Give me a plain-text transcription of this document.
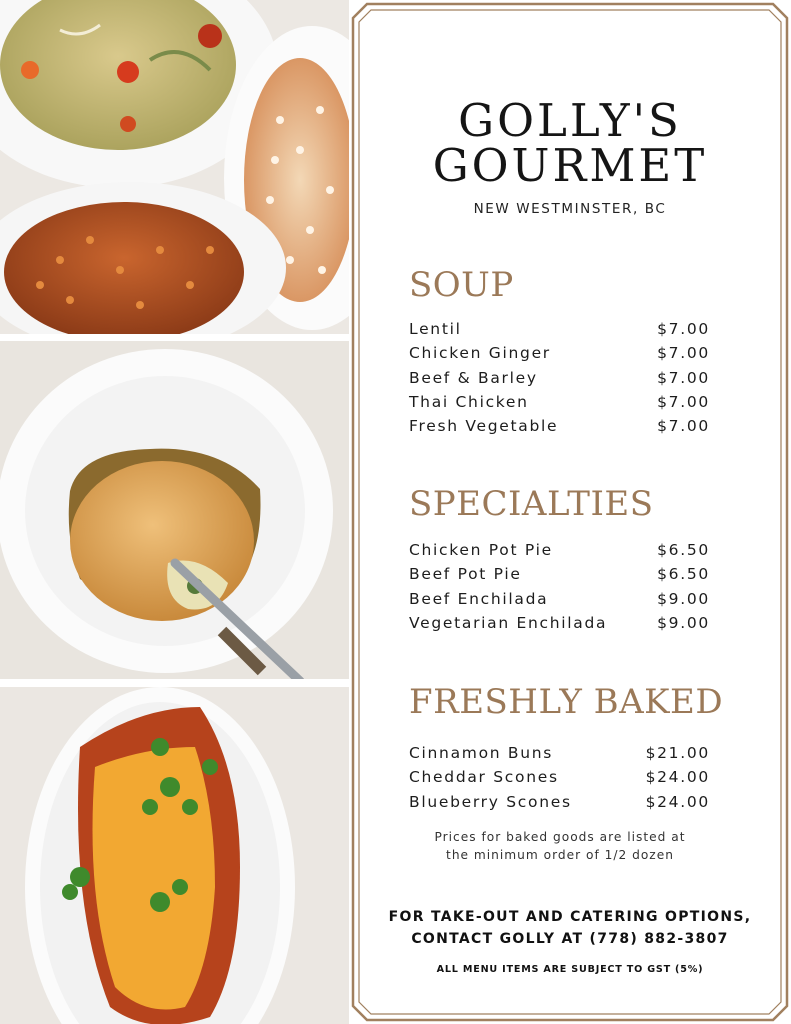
GOLLY'S
GOURMET
NEW WESTMINSTER, BC
SOUP
Lentil	$7.00
Chicken Ginger	$7.00
Beef & Barley	$7.00
Thai Chicken	$7.00
Fresh Vegetable	$7.00
SPECIALTIES
Chicken Pot Pie	$6.50
Beef Pot Pie	$6.50
Beef Enchilada	$9.00
Vegetarian Enchilada	$9.00
FRESHLY BAKED
Cinnamon Buns	$21.00
Cheddar Scones	$24.00
Blueberry Scones	$24.00
Prices for baked goods are listed at
the minimum order of 1/2 dozen
FOR TAKE-OUT AND CATERING OPTIONS,
CONTACT GOLLY AT (778) 882-3807
ALL MENU ITEMS ARE SUBJECT TO GST (5%)
